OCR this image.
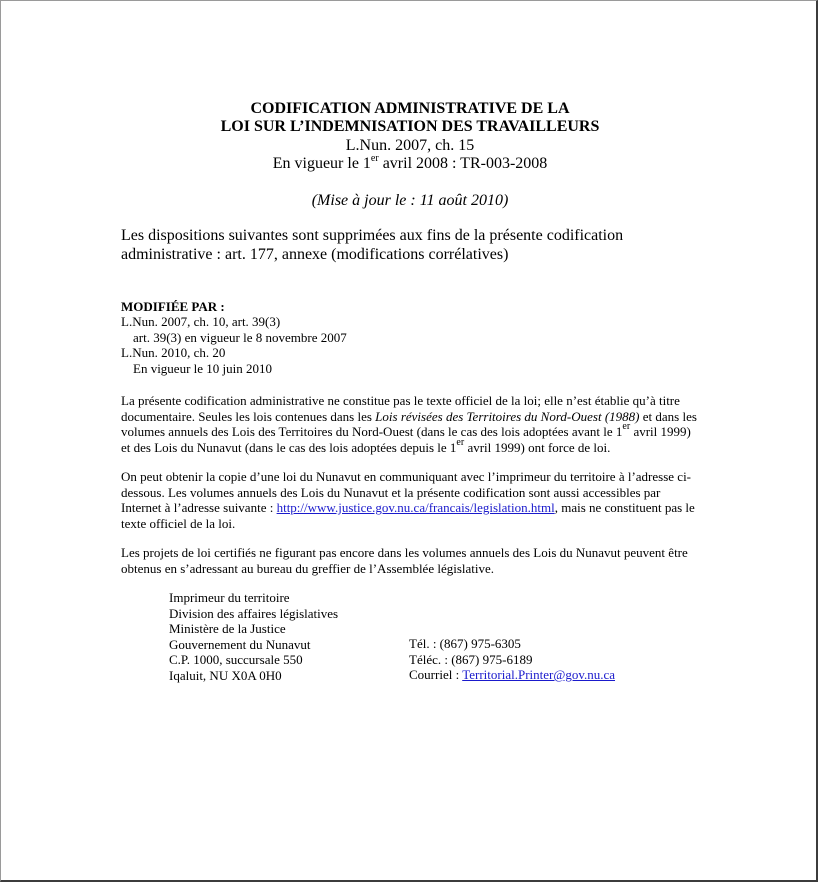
CODIFICATION ADMINISTRATIVE DE LA
LOI SUR L’INDEMNISATION DES TRAVAILLEURS
L.Nun. 2007, ch. 15
En vigueur le 1er avril 2008 : TR-003-2008
(Mise à jour le : 11 août 2010)
Les dispositions suivantes sont supprimées aux fins de la présente codification administrative : art. 177, annexe (modifications corrélatives)
MODIFIÉE PAR :
L.Nun. 2007, ch. 10, art. 39(3)
art. 39(3) en vigueur le 8 novembre 2007
L.Nun. 2010, ch. 20
En vigueur le 10 juin 2010
La présente codification administrative ne constitue pas le texte officiel de la loi; elle n’est établie qu’à titre documentaire. Seules les lois contenues dans les Lois révisées des Territoires du Nord-Ouest (1988) et dans les volumes annuels des Lois des Territoires du Nord-Ouest (dans le cas des lois adoptées avant le 1er avril 1999) et des Lois du Nunavut (dans le cas des lois adoptées depuis le 1er avril 1999) ont force de loi.
On peut obtenir la copie d’une loi du Nunavut en communiquant avec l’imprimeur du territoire à l’adresse ci-dessous. Les volumes annuels des Lois du Nunavut et la présente codification sont aussi accessibles par Internet à l’adresse suivante : http://www.justice.gov.nu.ca/francais/legislation.html, mais ne constituent pas le texte officiel de la loi.
Les projets de loi certifiés ne figurant pas encore dans les volumes annuels des Lois du Nunavut peuvent être obtenus en s’adressant au bureau du greffier de l’Assemblée législative.
Imprimeur du territoire
Division des affaires législatives
Ministère de la Justice
Gouvernement du Nunavut
C.P. 1000, succursale 550
Iqaluit, NU X0A 0H0
Tél. : (867) 975-6305
Téléc. : (867) 975-6189
Courriel : Territorial.Printer@gov.nu.ca
